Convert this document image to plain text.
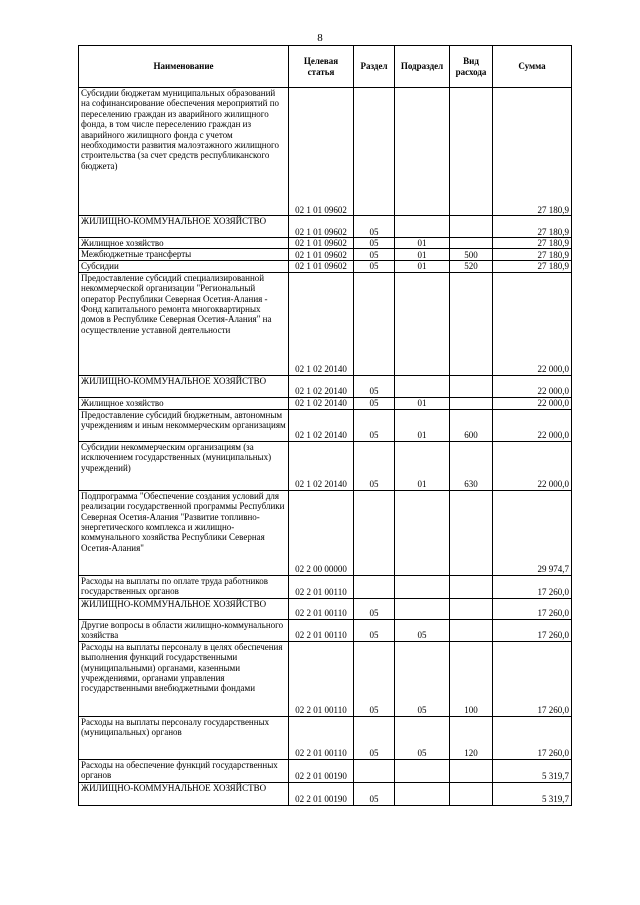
8
Наименование	Целевая статья	Раздел	Подраздел	Вид расхода	Сумма
Субсидии бюджетам муниципальных образований на софинансирование обеспечения мероприятий по переселению граждан из аварийного жилищного фонда, в том числе переселению граждан из аварийного жилищного фонда с учетом необходимости развития малоэтажного жилищного строительства (за счет средств республиканского бюджета)	02 1 01 09602				27 180,9
ЖИЛИЩНО-КОММУНАЛЬНОЕ ХОЗЯЙСТВО	02 1 01 09602	05			27 180,9
Жилищное хозяйство	02 1 01 09602	05	01		27 180,9
Межбюджетные трансферты	02 1 01 09602	05	01	500	27 180,9
Субсидии	02 1 01 09602	05	01	520	27 180,9
Предоставление субсидий специализированной некоммерческой организации "Региональный оператор Республики Северная Осетия-Алания - Фонд капитального ремонта многоквартирных домов в Республике Северная Осетия-Алания" на осуществление уставной деятельности	02 1 02 20140				22 000,0
ЖИЛИЩНО-КОММУНАЛЬНОЕ ХОЗЯЙСТВО	02 1 02 20140	05			22 000,0
Жилищное хозяйство	02 1 02 20140	05	01		22 000,0
Предоставление субсидий бюджетным, автономным учреждениям и иным некоммерческим организациям	02 1 02 20140	05	01	600	22 000,0
Субсидии некоммерческим организациям (за исключением государственных (муниципальных) учреждений)	02 1 02 20140	05	01	630	22 000,0
Подпрограмма "Обеспечение создания условий для реализации государственной программы Республики Северная Осетия-Алания "Развитие топливно-энергетического комплекса и жилищно-коммунального хозяйства Республики Северная Осетия-Алания"	02 2 00 00000				29 974,7
Расходы на выплаты по оплате труда работников государственных органов	02 2 01 00110				17 260,0
ЖИЛИЩНО-КОММУНАЛЬНОЕ ХОЗЯЙСТВО	02 2 01 00110	05			17 260,0
Другие вопросы в области жилищно-коммунального хозяйства	02 2 01 00110	05	05		17 260,0
Расходы на выплаты персоналу в целях обеспечения выполнения функций государственными (муниципальными) органами, казенными учреждениями, органами управления государственными внебюджетными фондами	02 2 01 00110	05	05	100	17 260,0
Расходы на выплаты персоналу государственных (муниципальных) органов	02 2 01 00110	05	05	120	17 260,0
Расходы на обеспечение функций государственных органов	02 2 01 00190				5 319,7
ЖИЛИЩНО-КОММУНАЛЬНОЕ ХОЗЯЙСТВО	02 2 01 00190	05			5 319,7
